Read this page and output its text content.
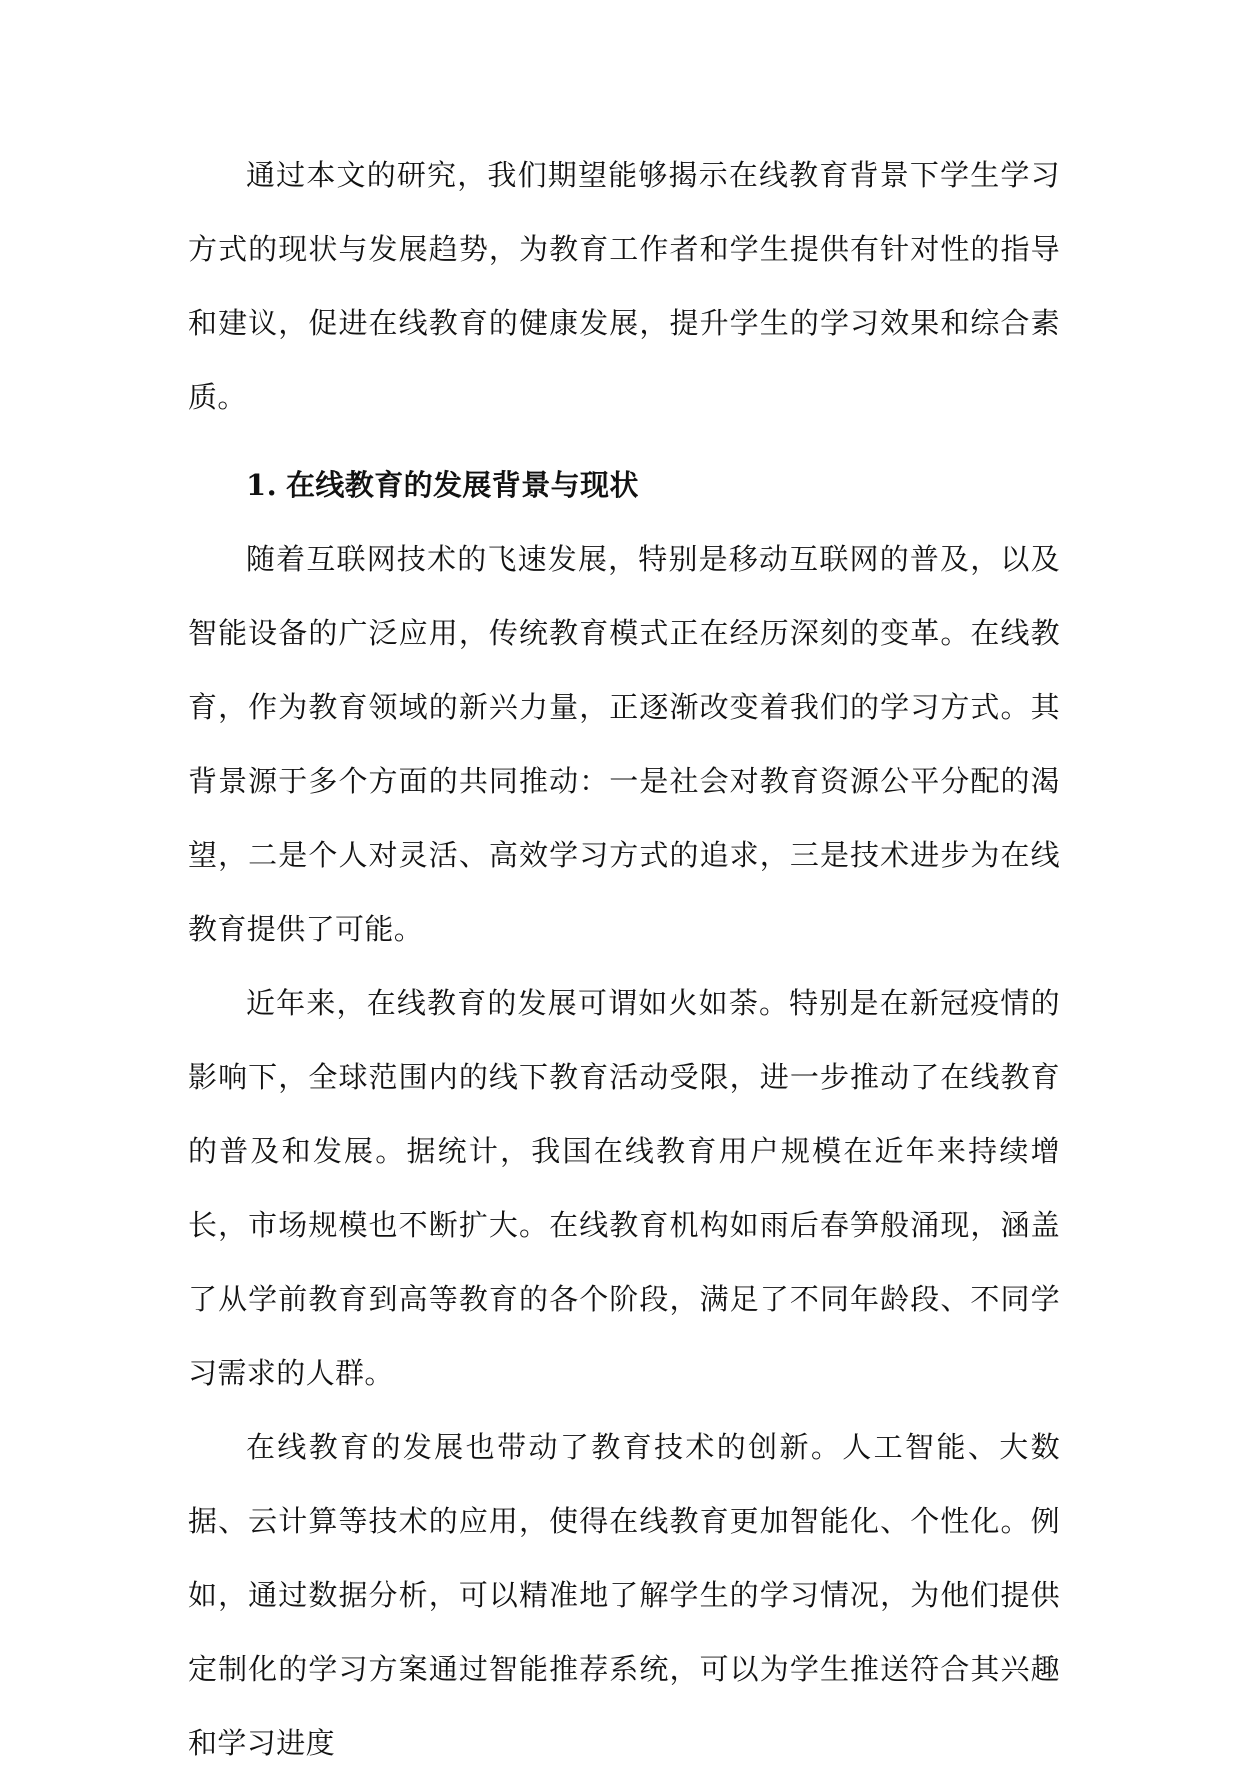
通过本文的研究，我们期望能够揭示在线教育背景下学生学习方式的现状与发展趋势，为教育工作者和学生提供有针对性的指导和建议，促进在线教育的健康发展，提升学生的学习效果和综合素质。

1. 在线教育的发展背景与现状

随着互联网技术的飞速发展，特别是移动互联网的普及，以及智能设备的广泛应用，传统教育模式正在经历深刻的变革。在线教育，作为教育领域的新兴力量，正逐渐改变着我们的学习方式。其背景源于多个方面的共同推动：一是社会对教育资源公平分配的渴望，二是个人对灵活、高效学习方式的追求，三是技术进步为在线教育提供了可能。

近年来，在线教育的发展可谓如火如荼。特别是在新冠疫情的影响下，全球范围内的线下教育活动受限，进一步推动了在线教育的普及和发展。据统计，我国在线教育用户规模在近年来持续增长，市场规模也不断扩大。在线教育机构如雨后春笋般涌现，涵盖了从学前教育到高等教育的各个阶段，满足了不同年龄段、不同学习需求的人群。

在线教育的发展也带动了教育技术的创新。人工智能、大数据、云计算等技术的应用，使得在线教育更加智能化、个性化。例如，通过数据分析，可以精准地了解学生的学习情况，为他们提供定制化的学习方案通过智能推荐系统，可以为学生推送符合其兴趣和学习进度
